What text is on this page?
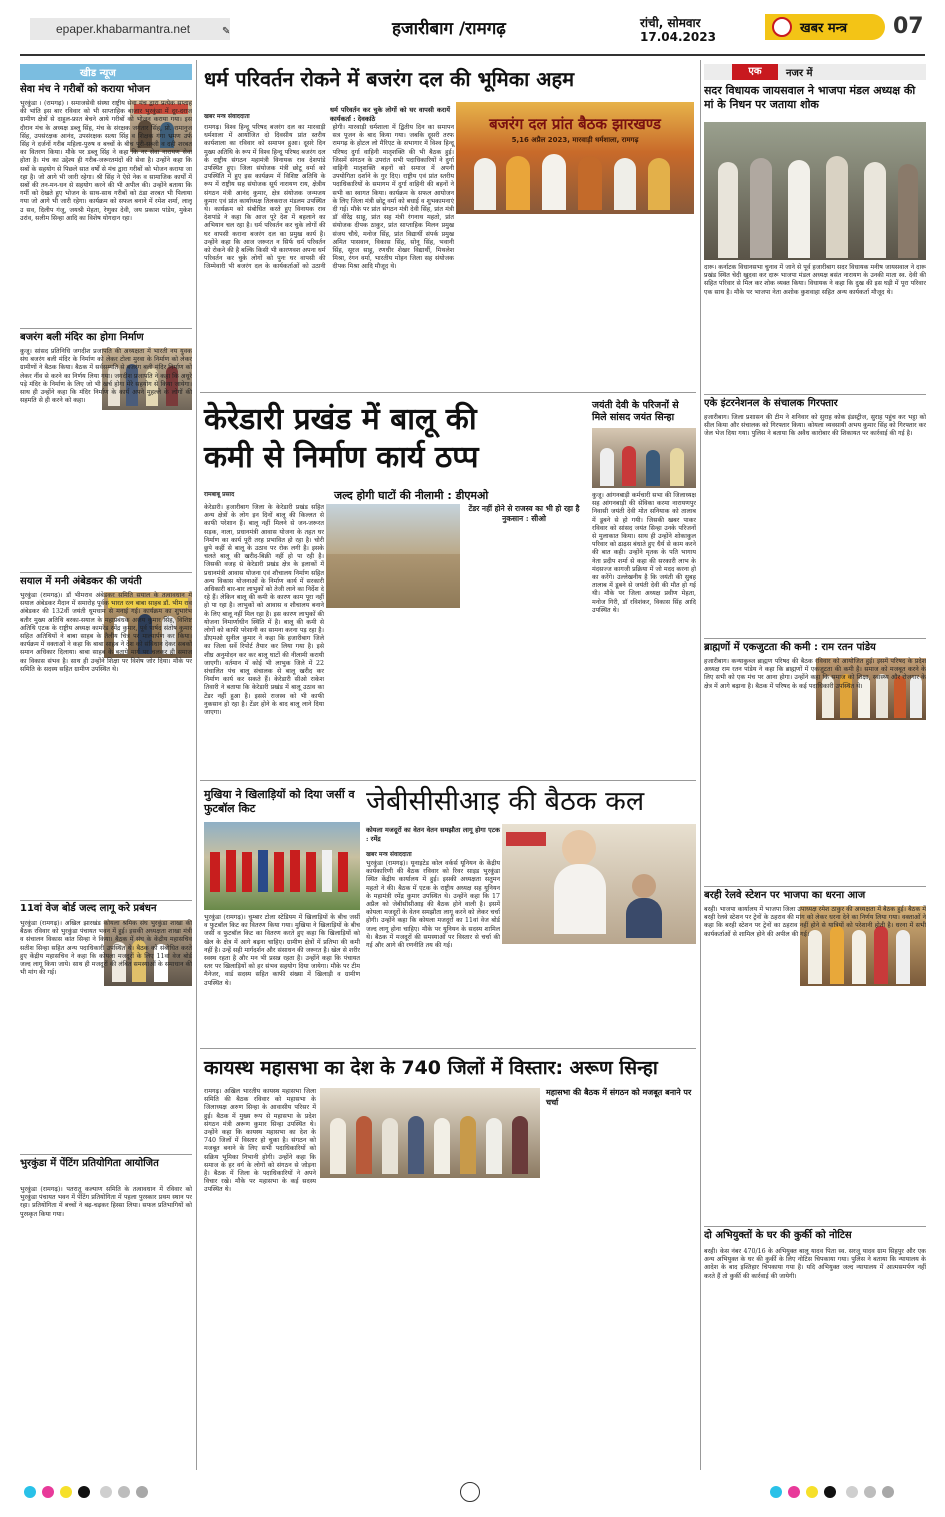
epaper.khabarmantra.net	✎	हजारीबाग /रामगढ़	रांची, सोमवार
17.04.2023
खबर मन्त्र 07
खीड न्यूज
सेवा मंच ने गरीबों को कराया भोजन
भुरकुंडा । (रामगढ़) । समाजसेवी संस्था राष्ट्रीय सेवा मंच द्वारा प्रत्येक सप्ताह की भांति इस बार रविवार को भी साप्ताहिक बाजार भुरकुंडा में दूर-दराज ग्रामीण क्षेत्रों से दाहुल-फ्रात बेचने आये गरीबों को भोजन कराया गया। इस दौरान मंच के अध्यक्ष डब्लू सिंह, मंच के संरक्षक जगतार सिंह, प्रो. रामानुज सिंह, उपसंरक्षक आनंद, उपसंरक्षक सत्या सिंह व शिक्षक गंगा भ्रमण उर्फ सिंह ने दर्जनों गरीब महिला-पुरुष व बच्चों के बीच पूरी-सब्जी व दही शरबत का वितरण किया। मौके पर डब्लू सिंह ने कहा कि नर सेवा नारायण सेवा होता है। मंच का उद्देश्य ही गरीब-जरूरतमंदों की सेवा है। उन्होंने कहा कि सबों के सहयोग से पिछले सात वर्षों से मंच द्वारा गरीबों को भोजन कराया जा रहा है। जो आगे भी जारी रहेगा। श्री सिंह ने ऐसे नेक व सामाजिक कार्यों में सबों की तन-मन-धन से सहयोग करने की भी अपील की। उन्होंने बताया कि गर्मी को देखते हुए भोजन के साथ-साथ गरीबों को ठंडा शरबत भी पिलाया गया जो आगे भी जारी रहेगा। कार्यक्रम को सफल बनाने में रमेश शर्मा, लालू उ सव, दिलीप गंजू, जयश्री मेहता, रेणुका देवी, जय प्रकाश पांडेय, मुकेश उरांव, सलीम सिन्हा आदि का विशेष योगदान रहा।
बजरंग बली मंदिर का होगा निर्माण
कुजू। सांसद प्रतिनिधि जगदीश प्रजापति की अध्यक्षता में भारती नय युवक संघ बजरंग बली मंदिर के निर्माण को लेकर टोला मुरवा के निर्माण को लेकर ग्रामीणों ने बैठक किया। बैठक में सर्वसम्मति से बजरंग बली मंदिर निर्माण को लेकर नींव से करने का निर्णय लिया गया। जगदीश प्रजापति ने कहा कि अधूरे पड़े मंदिर के निर्माण के लिए जो भी खर्च होगा मेरे सहयोग से किया जायेगा। साथ ही उन्होंने कहा कि मंदिर निर्माण के कार्य अपने मुहल्ले के लोगों की सहमति से ही करने को कहा।
सयाल में मनी अंबेडकर की जयंती
भुरकुंडा (रामगढ़)। डॉ भीमराव अंबेडकर समिति सयाल के तत्वावधान में सयाल अंबेडकर मैदान में समारोह पूर्वक भारत रत्न बाबा साहब डॉ. भीम राव अंबेडकर की 132वीं जयंती धूमधाम से मनाई गई। कार्यक्रम का शुभारंभ बतौर मुख्य अतिथि बरका-सयाल के महाप्रबंधक अजय कुमार सिंह, विशिष्ट अतिथि एटक के राष्ट्रीय अध्यक्ष कामरेड रमेंद्र कुमार, पूर्व पार्षद संतोष कुमार सहित अतिथियों ने बाबा साहब के तैलीय चित्र पर माल्यार्पण कर किया। कार्यक्रम में वक्ताओं ने कहा कि बाबा साहब ने देश को संविधान देकर सबको समान अधिकार दिलाया। बाबा साहब के बताये मार्ग पर चलकर ही समाज का विकास संभव है। साथ ही उन्होंने शिक्षा पर विशेष जोर दिया। मौके पर समिति के सदस्य सहित ग्रामीण उपस्थित थे।
11वां वेज बोर्ड जल्द लागू करे प्रबंधन
भुरकुंडा (रामगढ़)। अखिल झारखंड कोयला श्रमिक संघ भुरकुंडा शाखा की बैठक रविवार को भुरकुंडा पंचायत भवन में हुई। इसकी अध्यक्षता शाखा मंत्री व संचालन विकास कांत सिन्हा ने किया। बैठक में संघ के केंद्रीय महासचिव सतीश सिन्हा सहित अन्य पदाधिकारी उपस्थित थे। बैठक को संबोधित करते हुए केंद्रीय महासचिव ने कहा कि कोयला मजदूरों के लिए 11वां वेज बोर्ड जल्द लागू किया जाये। साथ ही मजदूरों की लंबित समस्याओं के समाधान की भी मांग की गई।
भुरकुंडा में पेंटिंग प्रतियोगिता आयोजित
भुरकुंडा (रामगढ़)। पतरातू कल्याण समिति के तत्वावधान में रविवार को भुरकुंडा पंचायत भवन में पेंटिंग प्रतियोगिता में पहला पुरस्कार प्रथम स्थान पर रहा। प्रतियोगिता में बच्चों ने बढ़-चढ़कर हिस्सा लिया। सफल प्रतिभागियों को पुरस्कृत किया गया।
धर्म परिवर्तन रोकने में बजरंग दल की भूमिका अहम
खबर मन्त्र संवाददाता
धर्म परिवर्तन कर चुके लोगों को घर वापसी करायें कार्यकर्ता : देवकांठे	बजरंग दल प्रांत बैठक झारखण्ड
5,16 अप्रैल 2023, मारवाड़ी धर्मशाला, रामगढ़
रामगढ़। विश्व हिन्दू परिषद बजरंग दल का मारवाड़ी धर्मशाला में आयोजित दो दिवसीय प्रांत स्तरीय कार्यशाला का रविवार को समापन हुआ। दूसरे दिन मुख्य अतिथि के रूप में विश्व हिन्दू परिषद बजरंग दल के राष्ट्रीय संगठन महामंत्री विनायक राव देशपांडे उपस्थित हुए। जिला संयोजक मंत्री छोटू वर्मा को उपस्थिति में हुए इस कार्यक्रम में विशिष्ट अतिथि के रूप में राष्ट्रीय सह संयोजक सूर्य नारायण राय, क्षेत्रीय संगठन मंत्री आनंद कुमार, क्षेत्र संयोजक जन्मजय कुमार एवं प्रांत कार्याध्यक्ष तिलकराज मंडलम उपस्थित थे। कार्यक्रम को संबोधित करते हुए विनायक राव देशपांडे ने कहा कि आज पूरे देश में बहलाने का अभियान चल रहा है। धर्म परिवर्तन कर चुके लोगों की घर वापसी कराना बजरंग दल का प्रमुख कार्य है। उन्होंने कहा कि आज जरूरत न सिर्फ धर्म परिवर्तन को रोकने की है बल्कि किसी भी कारणवश अपना धर्म परिवर्तन कर चुके लोगों को पुनः घर वापसी की जिम्मेवारी भी बजरंग दल के कार्यकर्ताओं को उठानी होगी। मारवाड़ी धर्मशाला में द्वितीय दिन का समापन सत्र पूजन के बाद किया गया। जबकि दूसरी तरफ रामगढ़ के होटल लो मैरिएट के सभागार में विश्व हिन्दू परिषद दुर्गा वाहिनी मातृशक्ति की भी बैठक हुई। जिसमें संगठन के उपरांत सभी पदाधिकारियों ने दुर्गा वाहिनी मातृशक्ति बहनों को समाज में अपनी उपयोगिता दर्शाने के गुर दिए। राष्ट्रीय एवं प्रांत स्तरीय पदाधिकारियों के समागम में दुर्गा वाहिनी की बहनों ने सभी का स्वागत किया। कार्यक्रम के सफल आयोजन के लिए जिला मंत्री छोटू वर्मा को बधाई व शुभकामनाएं दी गई। मौके पर प्रांत संगठन मंत्री देवी सिंह, प्रांत मंत्री डॉ वीरेंद्र साहू, प्रांत सह मंत्री रंगनाथ महतो, प्रांत संयोजक दीपक ठाकुर, प्रांत साप्ताहिक मिलन प्रमुख संजय चौधे, मनोज सिंह, प्रांत विद्यार्थी संपर्क प्रमुख अमित पासवान, विकास सिंह, सोनू सिंह, भवानी सिंह, सूरज साहू, रणधीर शेखर विद्यार्थी, मिथलेश मिश्रा, रंगन वर्मा, भारतीय मोहन जिला सह संयोजक दीपक मिश्रा आदि मौजूद थे।
केरेडारी प्रखंड में बालू की
कमी से निर्माण कार्य ठप्प
रामबाबू प्रसाद	जल्द होगी घाटों की नीलामी : डीएमओ
टेंडर नहीं होने से राजस्व का भी हो रहा है नुकसान : सीओ
केरेडारी। हजारीबाग जिला के केरेडारी प्रखंड सहित अन्य क्षेत्रों के लोग इन दिनों बालू की किल्लत से काफी परेशान हैं। बालू नहीं मिलने से जन-जरूरत सड़क, नाला, प्रधानमंत्री आवास योजना के तहत घर निर्माण का कार्य पूरी तरह प्रभावित हो रहा है। चोरी छुपे कहीं से बालू के उठाव पर रोक लगी है। इसके चलते बालू की खरीद-बिक्री नहीं हो पा रही है। जिसकी वजह से केरेडारी प्रखंड क्षेत्र के इलाकों में प्रधानमंत्री आवास योजना एवं शौचालय निर्माण सहित अन्य विकास योजनाओं के निर्माण कार्य में सरकारी अधिकारी बार-बार लाभुकों को तेजी लाने का निर्देश दे रहे हैं। लेकिन बालू की कमी के कारण काम पूरा नहीं हो पा रहा है। लाभुकों को आवास व शौचालय बनाने के लिए बालू नहीं मिल रहा है। इस कारण लाभुकों की योजना निमार्णाधीन स्थिति में है। बालू की कमी से लोगों को काफी परेशानी का सामना करना पड़ रहा है। डीएमओ सुनील कुमार ने कहा कि हजारीबाग जिले का जिला सर्वे रिपोर्ट तैयार कर लिया गया है। इसे शीघ्र अनुमोदन कर कर बालू घाटों की नीलामी करायी जाएगी। वर्तमान में कोई भी लाभुक जिले में 22 संचालित पंच बालू संचालक से बालू खरीद कर निर्माण कार्य कर सकते हैं। केरेडारी सीओ राकेश तिवारी ने बताया कि केरेडारी प्रखंड में बालू उठाव का टेंडर नहीं हुआ है। इससे राजस्व को भी काफी नुकसान हो रहा है। टेंडर होने के बाद बालू लाने दिया जाएगा।
जयंती देवी के परिजनों से मिले सांसद जयंत सिन्हा
कुजू। आंगनबाड़ी कर्मचारी सभा की जिलाध्यक्ष सह आंगनबाड़ी की सेविका करमा नारायणपुर निवासी जयंती देवी मोत सनियाक को तालाब में डूबने से हो गयी। जिसकी खबर पाकर रविवार को सांसद जयंत सिन्हा उनके परिजनों से मुलाकात किया। साथ ही उन्होंने शोकाकुल परिवार को ढाढ़स बंधाते हुए धैर्य से काम करने की बात कही। उन्होंने मृतक के पति भागाय नेता प्रदीप शर्मा से कहा की सरकारी लाभ के मंदसज्ज कागजी प्रक्रिया में जो मदद करना हो का करेंगे। उल्लेखनीय है कि जयंती की सुबह तालाब में डूबने से जयंती देवी की मौत हो गई थी। मौके पर जिला अध्यक्ष प्रवीण मेहता, मनोज गिरी, डॉ रविशंकर, विकास सिंह आदि उपस्थित थे।
मुखिया ने खिलाड़ियों को दिया जर्सी व फुटबॉल किट
भुरकुंडा (रामगढ़)। चुम्बार टोला स्टेडियम में खिलाड़ियों के बीच जर्सी व फुटबॉल किट का वितरण किया गया। मुखिया ने खिलाड़ियों के बीच जर्सी व फुटबॉल किट का वितरण करते हुए कहा कि खिलाड़ियों को खेल के क्षेत्र में आगे बढ़ना चाहिए। ग्रामीण क्षेत्रों में प्रतिभा की कमी नहीं है। उन्हें सही मार्गदर्शन और संसाधन की जरूरत है। खेल से शरीर स्वस्थ रहता है और मन भी प्रसन्न रहता है। उन्होंने कहा कि पंचायत स्तर पर खिलाड़ियों को हर संभव सहयोग दिया जायेगा। मौके पर टीम मैनेजर, वार्ड सदस्य सहित काफी संख्या में खिलाड़ी व ग्रामीण उपस्थित थे।
जेबीसीसीआइ की बैठक कल
कोयला मजदूरों का वेतन वेतन समझौता लागू होगा एटक : रमेंद्र
खबर मन्त्र संवाददाता
भुरकुंडा (रामगढ़)। यूनाइटेड कोल वर्कर्स यूनियन के केंद्रीय कार्यकारिणी की बैठक रविवार को रिवर साइड भुरकुंडा स्थित केंद्रीय कार्यालय में हुई। इसकी अध्यक्षता सतुमन महतो ने की। बैठक में एटक के राष्ट्रीय अध्यक्ष सह यूनियन के महामंत्री रमेंद्र कुमार उपस्थित थे। उन्होंने कहा कि 17 अप्रैल को जेबीसीसीआइ की बैठक होने वाली है। इसमें कोयला मजदूरों के वेतन समझौता लागू करने को लेकर चर्चा होगी। उन्होंने कहा कि कोयला मजदूरों का 11वां वेज बोर्ड जल्द लागू होना चाहिए। मौके पर यूनियन के सदस्य शामिल थे। बैठक में मजदूरों की समस्याओं पर विस्तार से चर्चा की गई और आगे की रणनीति तय की गई।
कायस्थ महासभा का देश के 740 जिलों में विस्तार: अरूण सिन्हा
महासभा की बैठक में संगठन को मजबूत बनाने पर चर्चा
रामगढ़। अखिल भारतीय कायस्थ महासभा जिला समिति की बैठक रविवार को महासभा के जिलाध्यक्ष अरुण सिन्हा के आवासीय परिसर में हुई। बैठक में मुख्य रूप से महासभा के प्रदेश संगठन मंत्री अरूण कुमार सिन्हा उपस्थित थे। उन्होंने कहा कि कायस्थ महासभा का देश के 740 जिलों में विस्तार हो चुका है। संगठन को मजबूत बनाने के लिए सभी पदाधिकारियों को सक्रिय भूमिका निभानी होगी। उन्होंने कहा कि समाज के हर वर्ग के लोगों को संगठन से जोड़ना है। बैठक में जिला के पदाधिकारियों ने अपने विचार रखे। मौके पर महासभा के कई सदस्य उपस्थित थे।
एक	नजर में
सदर विधायक जायसवाल ने भाजपा मंडल अध्यक्ष की मां के निधन पर जताया शोक
दारू। कर्नाटक विधानसभा चुनाव में जाने से पूर्व हजारीबाग सदर विधायक मनीष जायसवाल ने दारू प्रखंड स्थित चेदी खुदवा कर दारू भाजपा मंडल अध्यक्ष बसंत नारायण के उनकी माता स्व. देवी की सहित परिवार से मिल कर शोक व्यक्त किया। विधायक ने कहा कि दुख की इस घड़ी में पूरा परिवार एक साथ है। मौके पर भाजपा नेता अशोक कुशवाहा सहित अन्य कार्यकर्ता मौजूद थे।
एके इंटरनेशनल के संचालक गिरफ्तार
हजारीबाग। जिला प्रशासन की टीम ने शनिवार को सुराह कोक इंडस्ट्रीज, सुराह पहुंच कर भट्ठा को सील किया और संचालक को गिरफ्तार किया। कोयला व्यवसायी अभय कुमार सिंह को गिरफ्तार कर जेल भेज दिया गया। पुलिस ने बताया कि अवैध कारोबार की शिकायत पर कार्रवाई की गई है।
ब्राह्मणों में एकजुटता की कमी : राम रतन पांडेय
हजारीबाग। कन्याकुब्ज ब्राह्मण परिषद की बैठक रविवार को आयोजित हुई। इसमें परिषद के प्रदेश अध्यक्ष राम रतन पांडेय ने कहा कि ब्राह्मणों में एकजुटता की कमी है। समाज को मजबूत करने के लिए सभी को एक मंच पर आना होगा। उन्होंने कहा कि समाज को शिक्षा, स्वास्थ्य और रोजगार के क्षेत्र में आगे बढ़ाना है। बैठक में परिषद के कई पदाधिकारी उपस्थित थे।
बरही रेलवे स्टेशन पर भाजपा का धरना आज
बरही। भाजपा कार्यालय में भाजपा जिला उपाध्यक्ष रमेश ठाकुर की अध्यक्षता में बैठक हुई। बैठक में बरही रेलवे स्टेशन पर ट्रेनों के ठहराव की मांग को लेकर धरना देने का निर्णय लिया गया। वक्ताओं ने कहा कि बरही स्टेशन पर ट्रेनों का ठहराव नहीं होने से यात्रियों को परेशानी होती है। धरना में सभी कार्यकर्ताओं से शामिल होने की अपील की गई।
दो अभियुक्तों के घर की कुर्की को नोटिस
बरही। केस नंबर 470/16 के अभियुक्त बालू यादव पिता स्व. सरजू यादव ग्राम सिहपुर और एक अन्य अभियुक्त के घर की कुर्की के लिए नोटिस चिपकाया गया। पुलिस ने बताया कि न्यायालय के आदेश के बाद इश्तिहार चिपकाया गया है। यदि अभियुक्त जल्द न्यायालय में आत्मसमर्पण नहीं करते हैं तो कुर्की की कार्रवाई की जायेगी।
